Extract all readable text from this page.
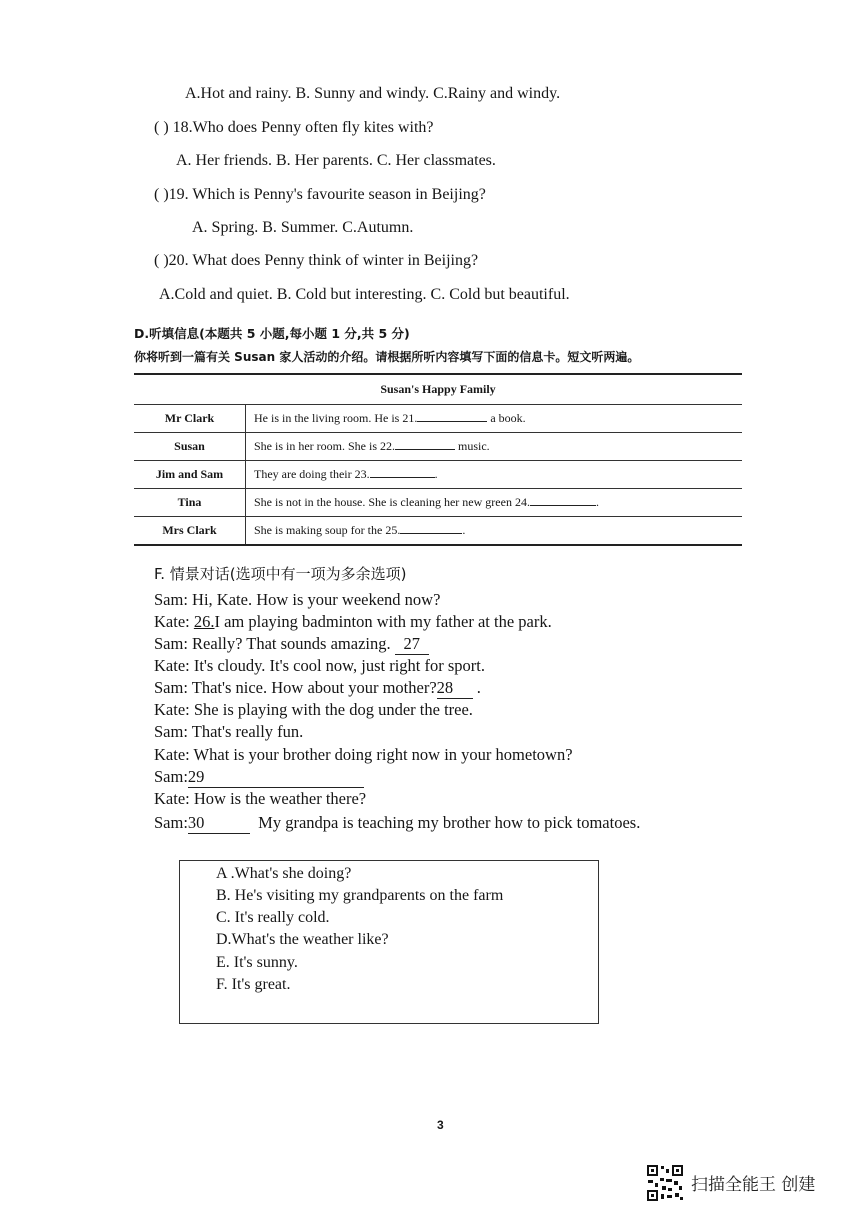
A.Hot and rainy. B. Sunny and windy. C.Rainy and windy.
( ) 18.Who does Penny often fly kites with?
A. Her friends. B. Her parents. C. Her classmates.
( )19. Which is Penny's favourite season in Beijing?
A. Spring. B. Summer. C.Autumn.
( )20. What does Penny think of winter in Beijing?
A.Cold and quiet. B. Cold but interesting. C. Cold but beautiful.
D.听填信息(本题共 5 小题,每小题 1 分,共 5 分)
你将听到一篇有关 Susan 家人活动的介绍。请根据所听内容填写下面的信息卡。短文听两遍。
Susan's Happy Family	
Mr Clark	He is in the living room. He is 21. a book.
Susan	She is in her room. She is 22. music.
Jim and Sam	They are doing their 23. .
Tina	She is not in the house. She is cleaning her new green 24. .
Mrs Clark	She is making soup for the 25. .
F. 情景对话(选项中有一项为多余选项)
Sam: Hi, Kate. How is your weekend now?
Kate: 26.I am playing badminton with my father at the park.
Sam: Really? That sounds amazing. 27
Kate: It's cloudy. It's cool now, just right for sport.
Sam: That's nice. How about your mother?28 .
Kate: She is playing with the dog under the tree.
Sam: That's really fun.
Kate: What is your brother doing right now in your hometown?
Sam:29
Kate: How is the weather there?
Sam:30	My grandpa is teaching my brother how to pick tomatoes.
A .What's she doing?
B. He's visiting my grandparents on the farm
C. It's really cold.
D.What's the weather like?
E. It's sunny.
F. It's great.
3
扫描全能王 创建
